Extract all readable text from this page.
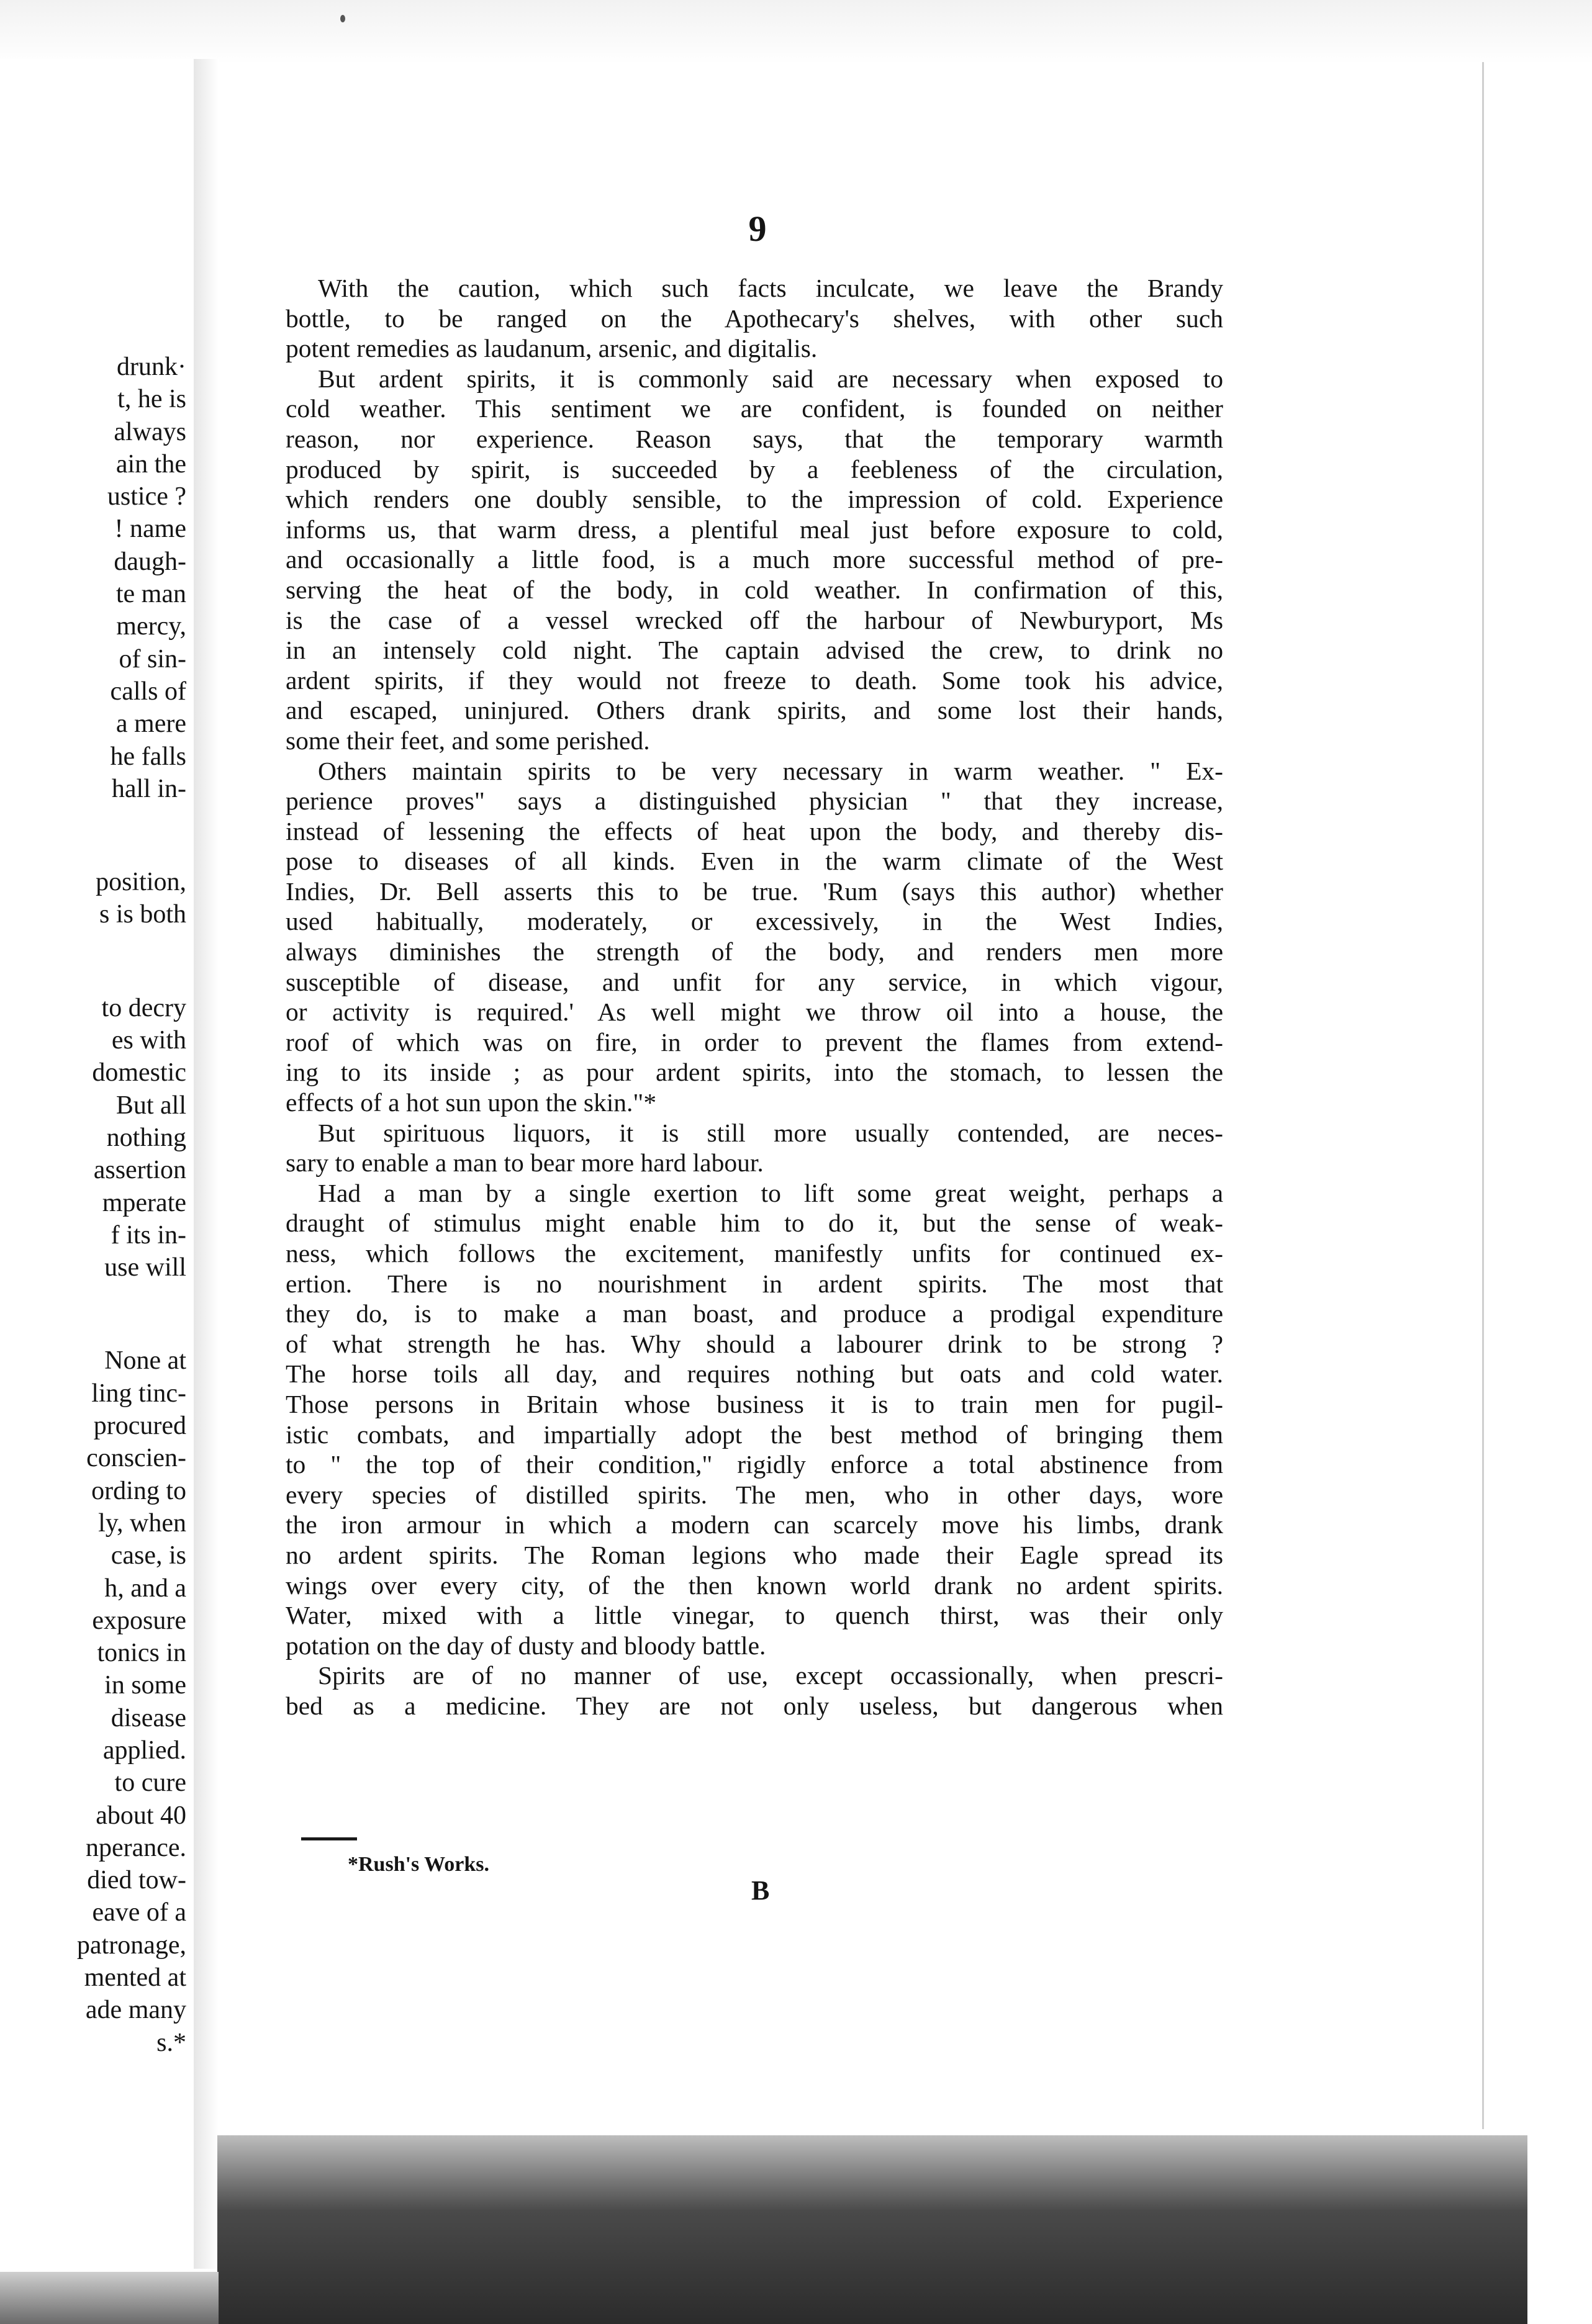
drunk·
t, he is
always
ain the
ustice ?
! name
daugh-
te man
mercy,
of sin-
calls of
a mere
he falls
hall in-
position,
s is both
to decry
es with
domestic
But all
nothing
assertion
mperate
f its in-
use will
None at
ling tinc-
procured
conscien-
ording to
ly, when
case, is
h, and a
exposure
tonics in
in some
disease
applied.
to cure
about 40
nperance.
died tow-
eave of a
patronage,
mented at
ade many
s.*
9
With the caution, which such facts inculcate, we leave the Brandy
bottle, to be ranged on the Apothecary's shelves, with other such
potent remedies as laudanum, arsenic, and digitalis.
But ardent spirits, it is commonly said are necessary when exposed to
cold weather. This sentiment we are confident, is founded on neither
reason, nor experience. Reason says, that the temporary warmth
produced by spirit, is succeeded by a feebleness of the circulation,
which renders one doubly sensible, to the impression of cold. Experience
informs us, that warm dress, a plentiful meal just before exposure to cold,
and occasionally a little food, is a much more successful method of pre-
serving the heat of the body, in cold weather. In confirmation of this,
is the case of a vessel wrecked off the harbour of Newburyport, Ms
in an intensely cold night. The captain advised the crew, to drink no
ardent spirits, if they would not freeze to death. Some took his advice,
and escaped, uninjured. Others drank spirits, and some lost their hands,
some their feet, and some perished.
Others maintain spirits to be very necessary in warm weather. " Ex-
perience proves" says a distinguished physician " that they increase,
instead of lessening the effects of heat upon the body, and thereby dis-
pose to diseases of all kinds. Even in the warm climate of the West
Indies, Dr. Bell asserts this to be true. 'Rum (says this author) whether
used habitually, moderately, or excessively, in the West Indies,
always diminishes the strength of the body, and renders men more
susceptible of disease, and unfit for any service, in which vigour,
or activity is required.' As well might we throw oil into a house, the
roof of which was on fire, in order to prevent the flames from extend-
ing to its inside ; as pour ardent spirits, into the stomach, to lessen the
effects of a hot sun upon the skin."*
But spirituous liquors, it is still more usually contended, are neces-
sary to enable a man to bear more hard labour.
Had a man by a single exertion to lift some great weight, perhaps a
draught of stimulus might enable him to do it, but the sense of weak-
ness, which follows the excitement, manifestly unfits for continued ex-
ertion. There is no nourishment in ardent spirits. The most that
they do, is to make a man boast, and produce a prodigal expenditure
of what strength he has. Why should a labourer drink to be strong ?
The horse toils all day, and requires nothing but oats and cold water.
Those persons in Britain whose business it is to train men for pugil-
istic combats, and impartially adopt the best method of bringing them
to " the top of their condition," rigidly enforce a total abstinence from
every species of distilled spirits. The men, who in other days, wore
the iron armour in which a modern can scarcely move his limbs, drank
no ardent spirits. The Roman legions who made their Eagle spread its
wings over every city, of the then known world drank no ardent spirits.
Water, mixed with a little vinegar, to quench thirst, was their only
potation on the day of dusty and bloody battle.
Spirits are of no manner of use, except occassionally, when prescri-
bed as a medicine. They are not only useless, but dangerous when
*Rush's Works.
B
